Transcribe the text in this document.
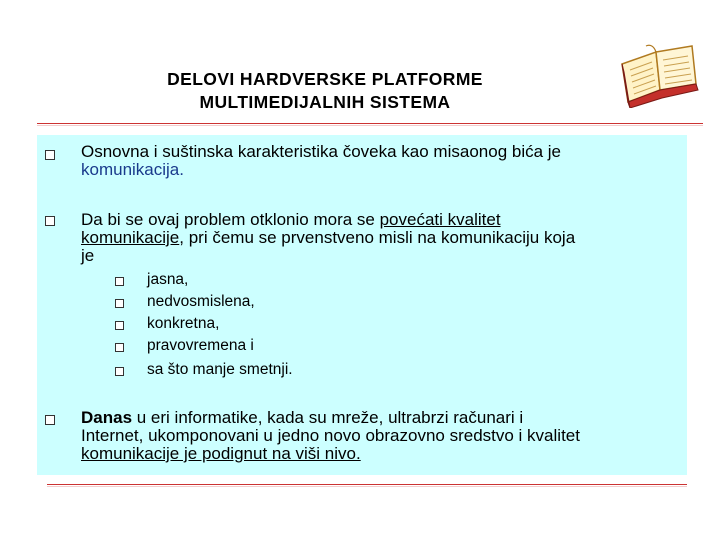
DELOVI HARDVERSKE PLATFORME
MULTIMEDIJALNIH SISTEMA
Osnovna i suštinska karakteristika čoveka kao misaonog bića je
komunikacija.
Da bi se ovaj problem otklonio mora se povećati kvalitet
komunikacije, pri čemu se prvenstveno misli na komunikaciju koja
je
jasna,
nedvosmislena,
konkretna,
pravovremena i
sa što manje smetnji.
Danas u eri informatike, kada su mreže, ultrabrzi računari i
Internet, ukomponovani u jedno novo obrazovno sredstvo i kvalitet
komunikacije je podignut na viši nivo.
